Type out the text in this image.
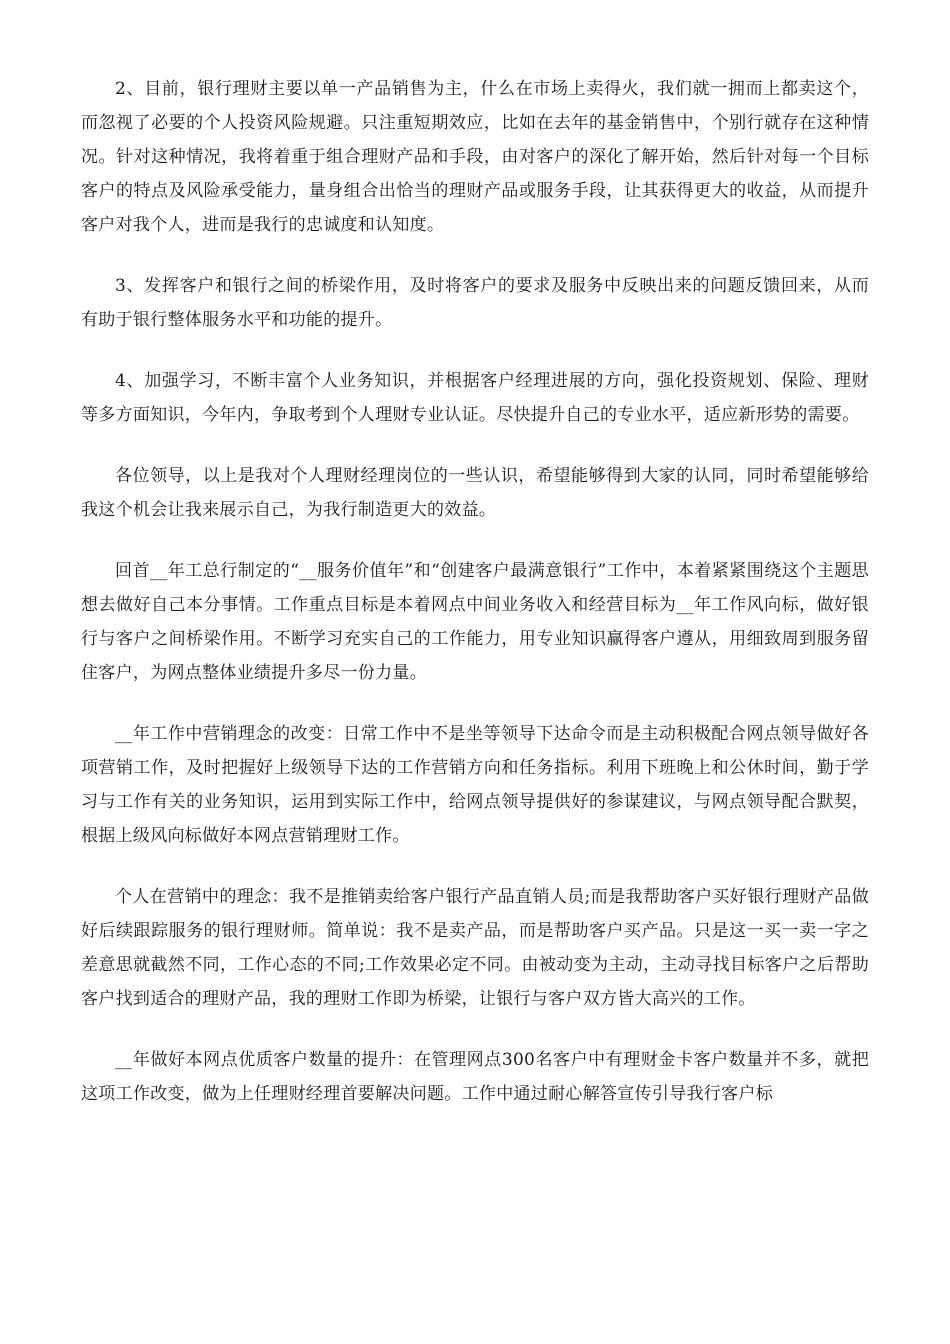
2、目前，银行理财主要以单一产品销售为主，什么在市场上卖得火，我们就一拥而上都卖这个，而忽视了必要的个人投资风险规避。只注重短期效应，比如在去年的基金销售中，个别行就存在这种情况。针对这种情况，我将着重于组合理财产品和手段，由对客户的深化了解开始，然后针对每一个目标客户的特点及风险承受能力，量身组合出恰当的理财产品或服务手段，让其获得更大的收益，从而提升客户对我个人，进而是我行的忠诚度和认知度。

3、发挥客户和银行之间的桥梁作用，及时将客户的要求及服务中反映出来的问题反馈回来，从而有助于银行整体服务水平和功能的提升。

4、加强学习，不断丰富个人业务知识，并根据客户经理进展的方向，强化投资规划、保险、理财等多方面知识，今年内，争取考到个人理财专业认证。尽快提升自己的专业水平，适应新形势的需要。

各位领导，以上是我对个人理财经理岗位的一些认识，希望能够得到大家的认同，同时希望能够给我这个机会让我来展示自己，为我行制造更大的效益。

回首__年工总行制定的“__服务价值年”和“创建客户最满意银行”工作中，本着紧紧围绕这个主题思想去做好自己本分事情。工作重点目标是本着网点中间业务收入和经营目标为__年工作风向标，做好银行与客户之间桥梁作用。不断学习充实自己的工作能力，用专业知识赢得客户遵从，用细致周到服务留住客户，为网点整体业绩提升多尽一份力量。

__年工作中营销理念的改变：日常工作中不是坐等领导下达命令而是主动积极配合网点领导做好各项营销工作，及时把握好上级领导下达的工作营销方向和任务指标。利用下班晚上和公休时间，勤于学习与工作有关的业务知识，运用到实际工作中，给网点领导提供好的参谋建议，与网点领导配合默契，根据上级风向标做好本网点营销理财工作。

个人在营销中的理念：我不是推销卖给客户银行产品直销人员;而是我帮助客户买好银行理财产品做好后续跟踪服务的银行理财师。简单说：我不是卖产品，而是帮助客户买产品。只是这一买一卖一字之差意思就截然不同，工作心态的不同;工作效果必定不同。由被动变为主动，主动寻找目标客户之后帮助客户找到适合的理财产品，我的理财工作即为桥梁，让银行与客户双方皆大高兴的工作。

__年做好本网点优质客户数量的提升：在管理网点300名客户中有理财金卡客户数量并不多，就把这项工作改变，做为上任理财经理首要解决问题。工作中通过耐心解答宣传引导我行客户标
